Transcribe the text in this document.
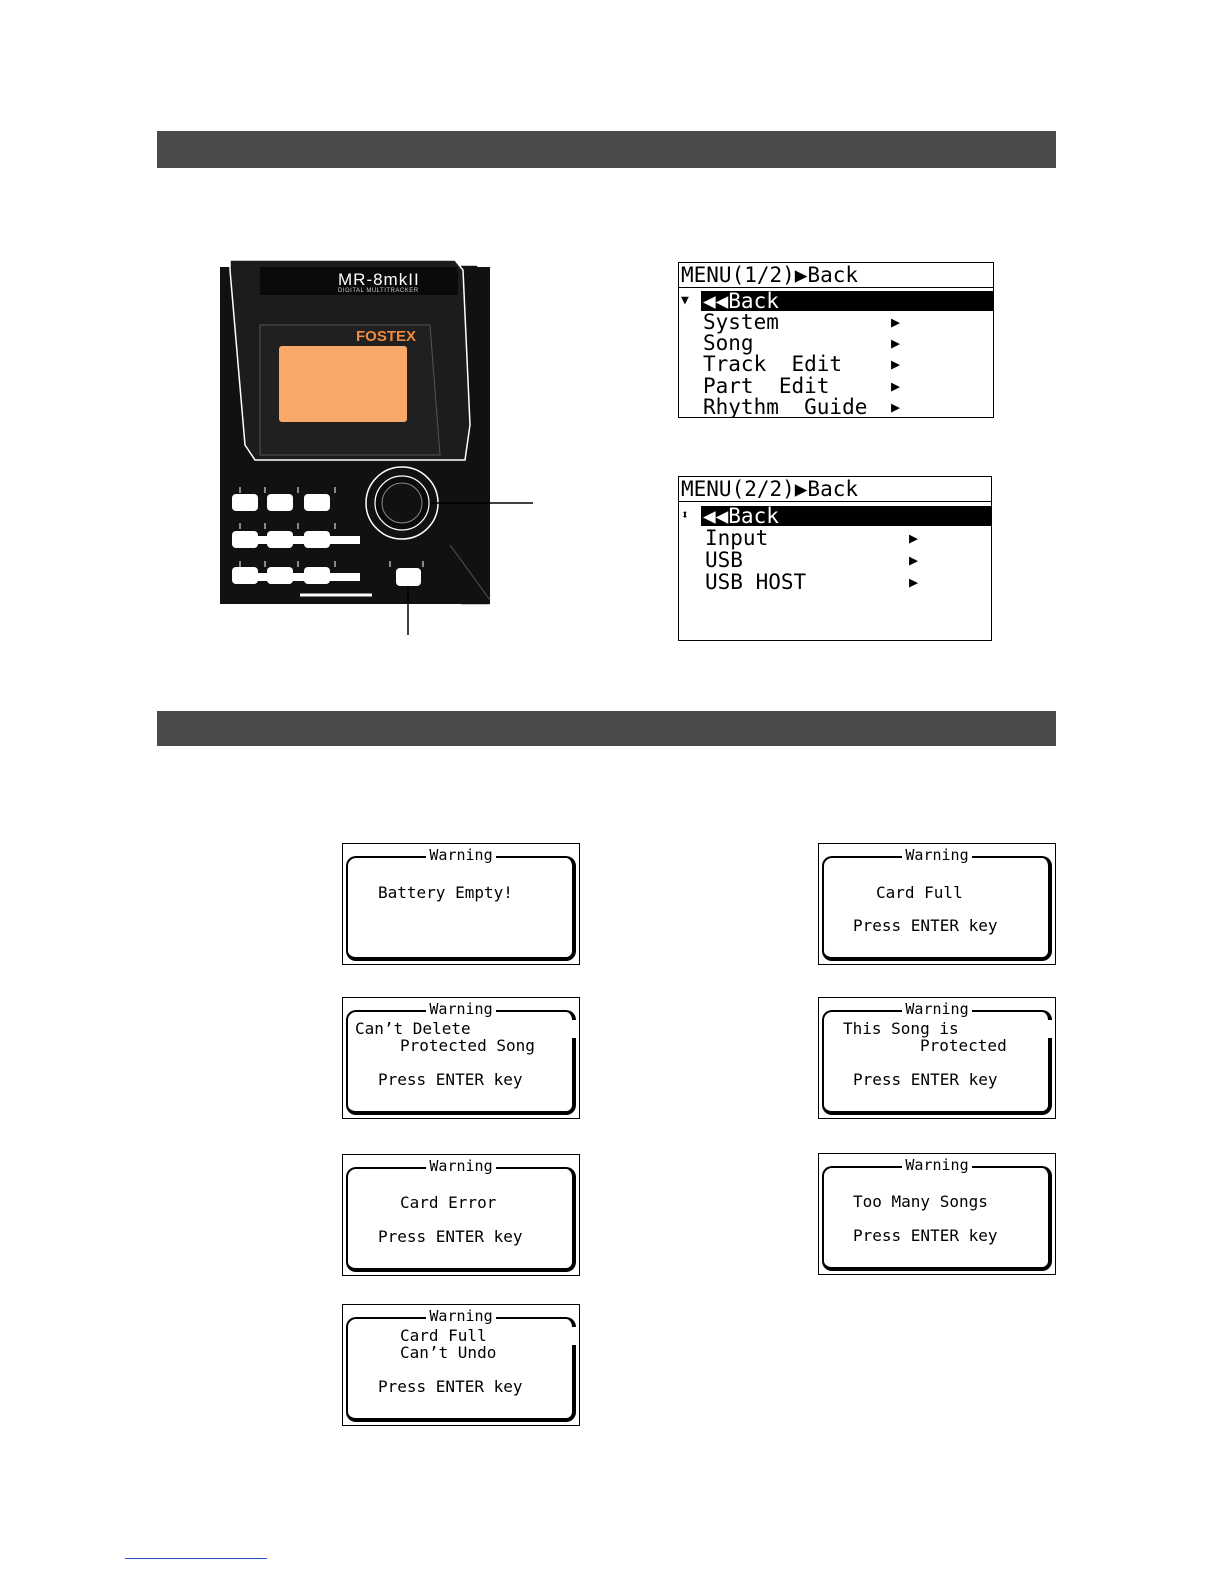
MR-8mkII
DIGITAL MULTITRACKER
FOSTEX
MENU(1/2)▶Back
▼ ◀◀Back
System	▶
Song	▶
Track  Edit	▶
Part  Edit	▶
Rhythm  Guide ▶
MENU(2/2)▶Back
⬍ ◀◀Back
Input	▶
USB	▶
USB HOST	▶
Warning
Battery Empty!
Warning
Card Full
Press ENTER key
Warning
Can’t Delete
Protected Song
Press ENTER key
Warning
This Song is
Protected
Press ENTER key
Warning
Card Error
Press ENTER key
Warning
Too Many Songs
Press ENTER key
Warning
Card Full
Can’t Undo
Press ENTER key
